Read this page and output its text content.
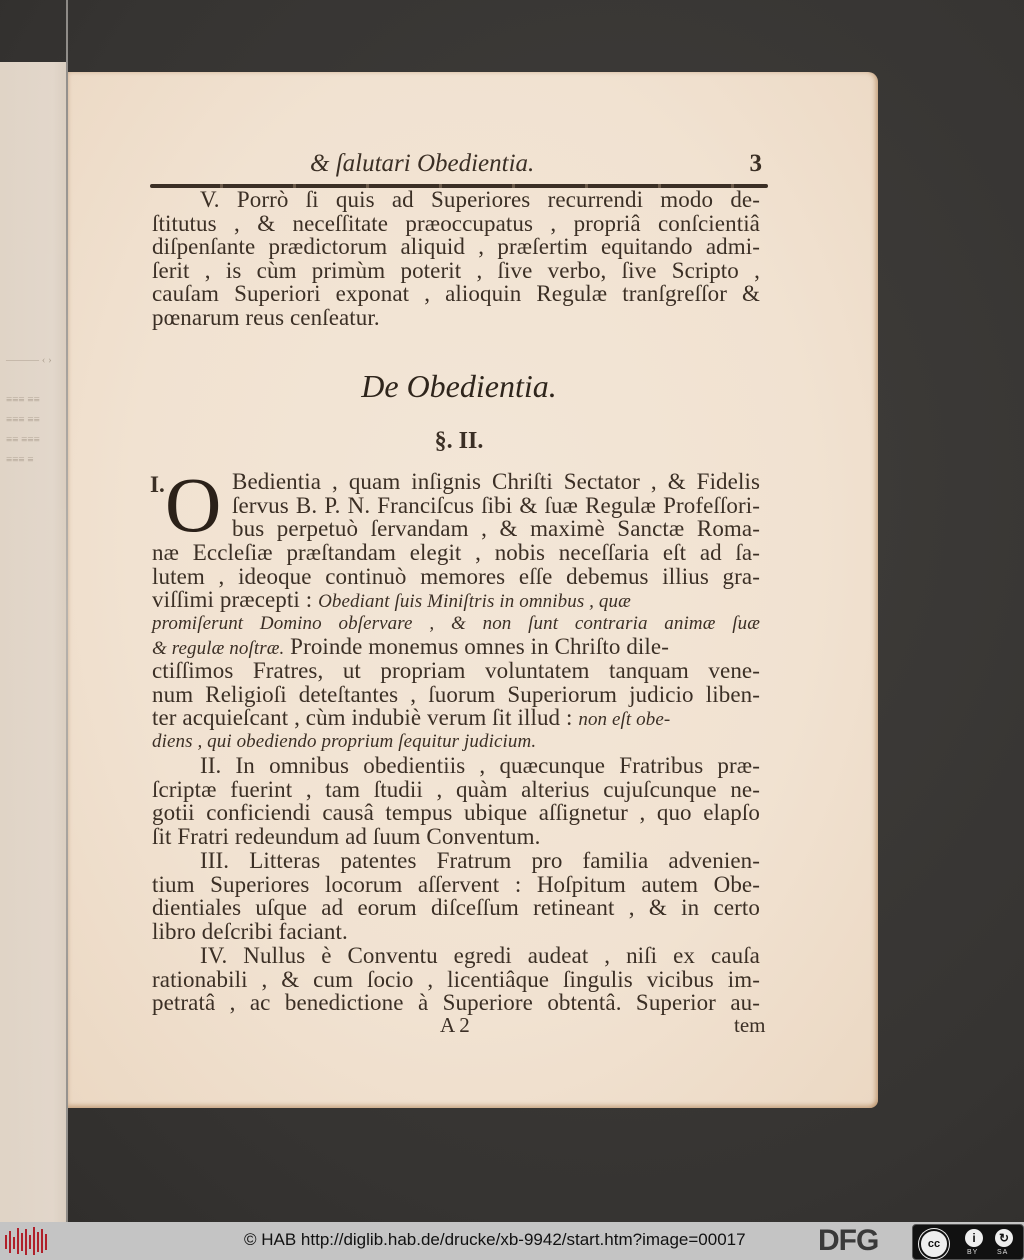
——— ‹ ›
≡≡≡ ≡≡
≡≡≡ ≡≡
≡≡ ≡≡≡
≡≡≡ ≡
& ſalutari Obedientia.	3
V. Porrò ſi quis ad Superiores recurrendi modo de-
ſtitutus , & neceſſitate præoccupatus , propriâ conſcientiâ
diſpenſante prædictorum aliquid , præſertim equitando admi-
ſerit , is cùm primùm poterit , ſive verbo, ſive Scripto ,
cauſam Superiori exponat , alioquin Regulæ tranſgreſſor &
pœnarum reus cenſeatur.
De Obedientia.
§. II.
I. O Bedientia , quam inſignis Chriſti Sectator , & Fidelis
ſervus B. P. N. Franciſcus ſibi & ſuæ Regulæ Profeſſori-
bus perpetuò ſervandam , & maximè Sanctæ Roma-
næ Eccleſiæ præſtandam elegit , nobis neceſſaria eſt ad ſa-
lutem , ideoque continuò memores eſſe debemus illius gra-
viſſimi præcepti : Obediant ſuis Miniſtris in omnibus , quæ
promiſerunt Domino obſervare , & non ſunt contraria animæ ſuæ
& regulæ noſtræ. Proinde monemus omnes in Chriſto dile-
ctiſſimos Fratres, ut propriam voluntatem tanquam vene-
num Religioſi deteſtantes , ſuorum Superiorum judicio liben-
ter acquieſcant , cùm indubiè verum ſit illud : non eſt obe-
diens , qui obediendo proprium ſequitur judicium.
II. In omnibus obedientiis , quæcunque Fratribus præ-
ſcriptæ fuerint , tam ſtudii , quàm alterius cujuſcunque ne-
gotii conficiendi causâ tempus ubique aſſignetur , quo elapſo
ſit Fratri redeundum ad ſuum Conventum.
III. Litteras patentes Fratrum pro familia advenien-
tium Superiores locorum aſſervent : Hoſpitum autem Obe-
dientiales uſque ad eorum diſceſſum retineant , & in certo
libro deſcribi faciant.
IV. Nullus è Conventu egredi audeat , niſi ex cauſa
rationabili , & cum ſocio , licentiâque ſingulis vicibus im-
petratâ , ac benedictione à Superiore obtentâ. Superior au-
A 2	tem
© HAB http://diglib.hab.de/drucke/xb-9942/start.htm?image=00017 DFG	cc	i	↻
BY	SA
